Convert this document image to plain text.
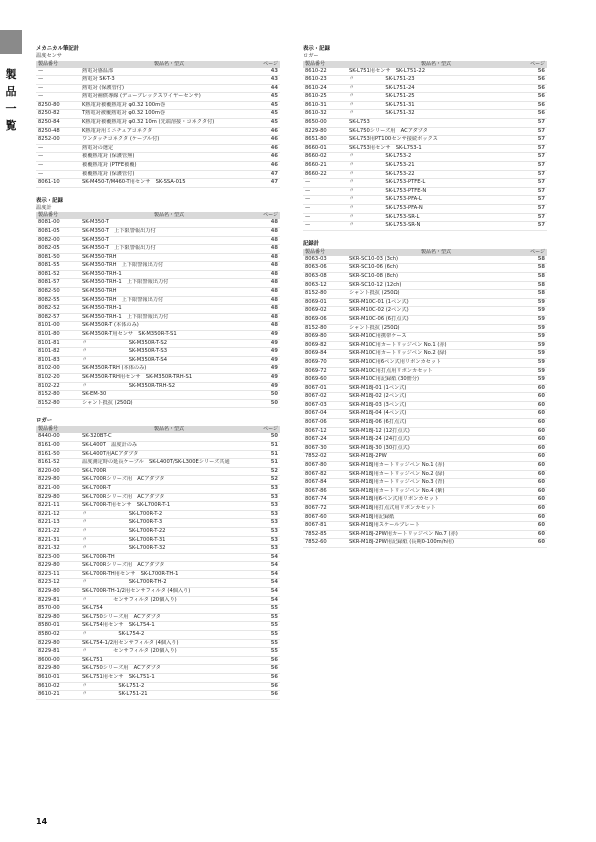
製
品
一
覧
メカニカル筆記計
温度センサ
製品番号	製品名・型式	ページ
—	熱電対感温部	43
—	熱電対 SK-T-3	43
—	熱電対 (保護管付)	44
—	熱電対補償導線 (デュープレックスワイヤーセンサ)	45
8250-80	K熱電対被覆熱電対 φ0.32 100m巻	45
8250-82	T熱電対被覆熱電対 φ0.32 100m巻	45
8250-84	K熱電対被覆熱電対 φ0.32 10m (先端溶接・コネクタ付)	45
8250-48	K熱電対用ミニチュアコネクタ	46
8252-00	ワンタッチコネクタ (ケーブル付)	46
—	熱電対の選定	46
—	被覆熱電対 (保護管無)	46
—	被覆熱電対 (PTFE被覆)	46
—	被覆熱電対 (保護管付)	47
8061-10	SK-M450-T/M460-T用センサ　SK-SSA-015	47
表示・記録
温度計
製品番号	製品名・型式	ページ
8081-00	SK-M350-T	48
8081-05	SK-M350-T　上下限警報出力付	48
8082-00	SK-M350-T	48
8082-05	SK-M350-T　上下限警報出力付	48
8081-50	SK-M350-TRH	48
8081-55	SK-M350-TRH　上下限警報出力付	48
8081-52	SK-M350-TRH-1	48
8081-57	SK-M350-TRH-1　上下限警報出力付	48
8082-50	SK-M350-TRH	48
8082-55	SK-M350-TRH　上下限警報出力付	48
8082-52	SK-M350-TRH-1	48
8082-57	SK-M350-TRH-1　上下限警報出力付	48
8101-00	SK-M350R-T (本体のみ)	48
8101-80	SK-M350R-T用センサ　SK-M350R-T-S1	49
8101-81	〃　　　　　　　　SK-M350R-T-S2	49
8101-82	〃　　　　　　　　SK-M350R-T-S3	49
8101-83	〃　　　　　　　　SK-M350R-T-S4	49
8102-00	SK-M350R-TRH (本体のみ)	49
8102-20	SK-M350R-TRH用センサ　SK-M350R-TRH-S1	49
8102-22	〃　　　　　　　　SK-M350R-TRH-S2	49
8152-80	SK-EM-30	50
8152-80	シャント抵抗 (250Ω)	50
ロガー
製品番号	製品名・型式	ページ
8440-00	SK-320BT-C	50
8161-00	SK-L400T　温度計のみ	51
8161-50	SK-L400T用ACアダプタ	51
8161-52	温度測定時の延長ケーブル　SK-L400T/SK-L300Eシリーズ共通	51
8220-00	SK-L700R	52
8229-80	SK-L700Rシリーズ用　ACアダプタ	52
8221-00	SK-L700R-T	53
8229-80	SK-L700Rシリーズ用　ACアダプタ	53
8221-11	SK-L700R-T用センサ　SK-L700R-T-1	53
8221-12	〃　　　　　　　　SK-L700R-T-2	53
8221-13	〃　　　　　　　　SK-L700R-T-3	53
8221-22	〃　　　　　　　　SK-L700R-T-22	53
8221-31	〃　　　　　　　　SK-L700R-T-31	53
8221-32	〃　　　　　　　　SK-L700R-T-32	53
8223-00	SK-L700R-TH	54
8229-80	SK-L700Rシリーズ用　ACアダプタ	54
8223-11	SK-L700R-TH用センサ　SK-L700R-TH-1	54
8223-12	〃　　　　　　　　SK-L700R-TH-2	54
8229-80	SK-L700R-TH-1/2用センサフィルタ (4個入り)	54
8229-81	〃　　　　　センサフィルタ (20個入り)	54
8570-00	SK-L754	55
8229-80	SK-L750シリーズ用　ACアダプタ	55
8580-01	SK-L754用センサ　SK-L754-1	55
8580-02	〃　　　　　　SK-L754-2	55
8229-80	SK-L754-1/2用センサフィルタ (4個入り)	55
8229-81	〃　　　　　センサフィルタ (20個入り)	55
8600-00	SK-L751	56
8229-80	SK-L750シリーズ用　ACアダプタ	56
8610-01	SK-L751用センサ　SK-L751-1	56
8610-02	〃　　　　　　SK-L751-2	56
8610-21	〃　　　　　　SK-L751-21	56
表示・記録
ロガー
製品番号	製品名・型式	ページ
8610-22	SK-L751用センサ　SK-L751-22	56
8610-23	〃　　　　　　SK-L751-23	56
8610-24	〃　　　　　　SK-L751-24	56
8610-25	〃　　　　　　SK-L751-25	56
8610-31	〃　　　　　　SK-L751-31	56
8610-32	〃　　　　　　SK-L751-32	56
8650-00	SK-L753	57
8229-80	SK-L750シリーズ用　ACアダプタ	57
8651-80	SK-L753用PT100センサ接続ボックス	57
8660-01	SK-L753用センサ　SK-L753-1	57
8660-02	〃　　　　　　SK-L753-2	57
8660-21	〃　　　　　　SK-L753-21	57
8660-22	〃　　　　　　SK-L753-22	57
—	〃　　　　　　SK-L753-PTFE-L	57
—	〃　　　　　　SK-L753-PTFE-N	57
—	〃　　　　　　SK-L753-PFA-L	57
—	〃　　　　　　SK-L753-PFA-N	57
—	〃　　　　　　SK-L753-SR-L	57
—	〃　　　　　　SK-L753-SR-N	57
記録計
製品番号	製品名・型式	ページ
8063-03	SKR-SC10-03 (3ch)	58
8063-06	SKR-SC10-06 (6ch)	58
8063-08	SKR-SC10-08 (8ch)	58
8063-12	SKR-SC10-12 (12ch)	58
8152-80	シャント抵抗 (250Ω)	58
8069-01	SKR-M10C-01 (1ペン式)	59
8069-02	SKR-M10C-02 (2ペン式)	59
8069-06	SKR-M10C-06 (6打点式)	59
8152-80	シャント抵抗 (250Ω)	59
8069-80	SKR-M10C用携帯ケース	59
8069-82	SKR-M10C用カートリッジペン No.1 (赤)	59
8069-84	SKR-M10C用カートリッジペン No.2 (緑)	59
8069-70	SKR-M10C用6ペン式用リボンカセット	59
8069-72	SKR-M10C用打点用リボンカセット	59
8069-60	SKR-M10C用記録紙 (30冊分)	59
8067-01	SKR-M18J-01 (1ペン式)	60
8067-02	SKR-M18J-02 (2ペン式)	60
8067-03	SKR-M18J-03 (3ペン式)	60
8067-04	SKR-M18J-04 (4ペン式)	60
8067-06	SKR-M18J-06 (6打点式)	60
8067-12	SKR-M18J-12 (12打点式)	60
8067-24	SKR-M18J-24 (24打点式)	60
8067-30	SKR-M18J-30 (30打点式)	60
7852-02	SKR-M18J-2PW	60
8067-80	SKR-M18J用カートリッジペン No.1 (赤)	60
8067-82	SKR-M18J用カートリッジペン No.2 (緑)	60
8067-84	SKR-M18J用カートリッジペン No.3 (青)	60
8067-86	SKR-M18J用カートリッジペン No.4 (紫)	60
8067-74	SKR-M18J用6ペン式用リボンカセット	60
8067-72	SKR-M18J用打点式用リボンカセット	60
8067-60	SKR-M18J用記録紙	60
8067-81	SKR-M18J用スケールプレート	60
7852-85	SKR-M18J-2PW用カートリッジペン No.7 (赤)	60
7852-60	SKR-M18J-2PW用記録紙 (長期0-100m/h用)	60
14
